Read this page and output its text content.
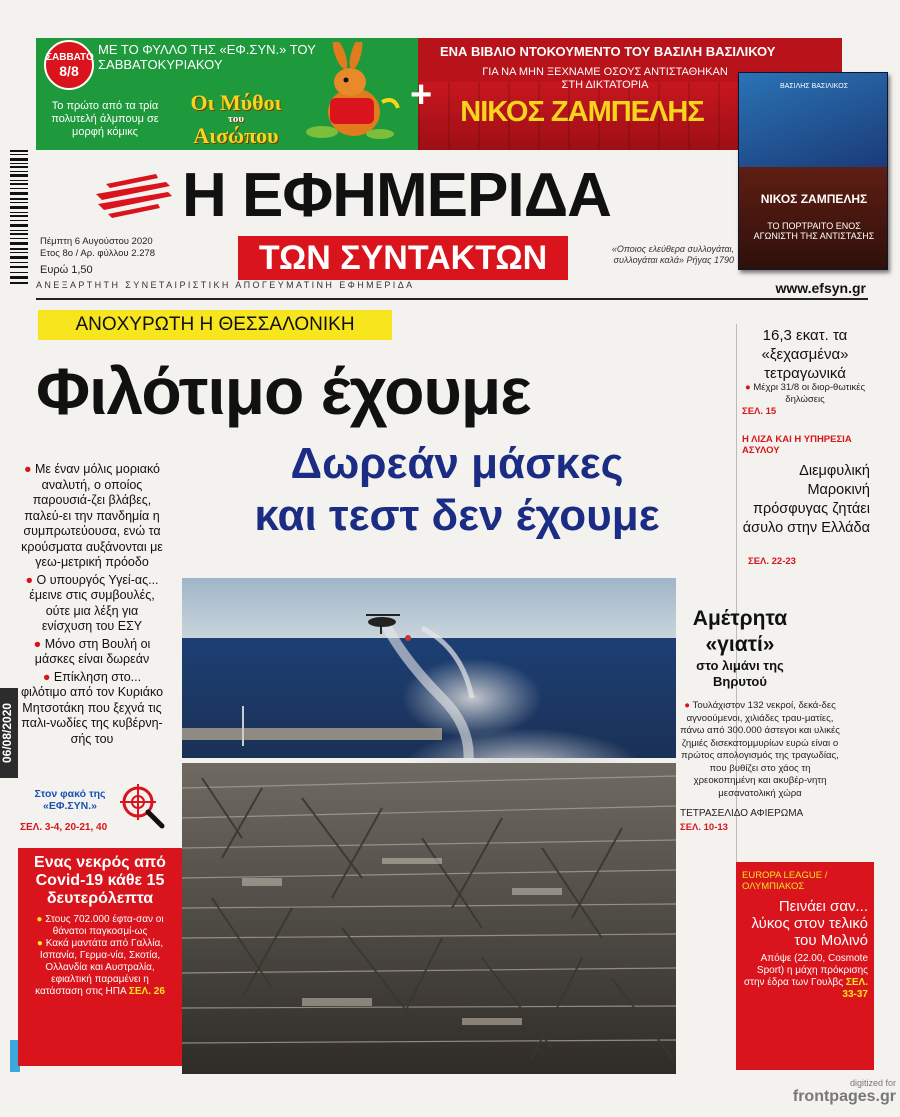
ΣΑΒΒΑΤΟ
8/8
ΜΕ ΤΟ ΦΥΛΛΟ ΤΗΣ «ΕΦ.ΣΥΝ.» ΤΟΥ ΣΑΒΒΑΤΟΚΥΡΙΑΚΟΥ
Το πρώτο από τα τρία πολυτελή άλμπουμ σε μορφή κόμικς
Οι Μύθοι
του
Αισώπου
+
ΕΝΑ ΒΙΒΛΙΟ ΝΤΟΚΟΥΜΕΝΤΟ ΤΟΥ ΒΑΣΙΛΗ ΒΑΣΙΛΙΚΟΥ
ΓΙΑ ΝΑ ΜΗΝ ΞΕΧΝΑΜΕ ΟΣΟΥΣ ΑΝΤΙΣΤΑΘΗΚΑΝ ΣΤΗ ΔΙΚΤΑΤΟΡΙΑ
ΝΙΚΟΣ ΖΑΜΠΕΛΗΣ
ΒΑΣΙΛΗΣ ΒΑΣΙΛΙΚΟΣ
ΝΙΚΟΣ ΖΑΜΠΕΛΗΣ
ΤΟ ΠΟΡΤΡΑΙΤΟ ΕΝΟΣ ΑΓΩΝΙΣΤΗ ΤΗΣ ΑΝΤΙΣΤΑΣΗΣ
Η ΕΦΗΜΕΡΙΔΑ
ΤΩΝ ΣΥΝΤΑΚΤΩΝ
Πέμπτη 6 Αυγούστου 2020
Ετος 8ο / Αρ. φύλλου 2.278
Ευρώ 1,50
«Οποιος ελεύθερα συλλογάται, συλλογάται καλά» Ρήγας 1790
ΑΝΕΞΑΡΤΗΤΗ ΣΥΝΕΤΑΙΡΙΣΤΙΚΗ ΑΠΟΓΕΥΜΑΤΙΝΗ ΕΦΗΜΕΡΙΔΑ	www.efsyn.gr
ΑΝΟΧΥΡΩΤΗ Η ΘΕΣΣΑΛΟΝΙΚΗ
Φιλότιμο έχουμε
Δωρεάν μάσκες
και τεστ δεν έχουμε
● Με έναν μόλις μοριακό αναλυτή, ο οποίος παρουσιά-ζει βλάβες, παλεύ-ει την πανδημία η συμπρωτεύουσα, ενώ τα κρούσματα αυξάνονται με γεω-μετρική πρόοδο
● Ο υπουργός Υγεί-ας... έμεινε στις συμβουλές, ούτε μια λέξη για ενίσχυση του ΕΣΥ
● Μόνο στη Βουλή οι μάσκες είναι δωρεάν
● Επίκληση στο... φιλότιμο από τον Κυριάκο Μητσοτάκη που ξεχνά τις παλι-νωδίες της κυβέρνη-σής του
Στον φακό της «ΕΦ.ΣΥΝ.»
ΣΕΛ. 3-4, 20-21, 40
06/08/2020
Ενας νεκρός από Covid-19 κάθε 15 δευτερόλεπτα
● Στους 702.000 έφτα-σαν οι θάνατοι παγκοσμί-ως
● Κακά μαντάτα από Γαλλία, Ισπανία, Γερμα-νία, Σκοτία, Ολλανδία και Αυστραλία, εφιαλτική παραμένει η κατάσταση στις ΗΠΑ ΣΕΛ. 26
16,3 εκατ. τα «ξεχασμένα» τετραγωνικά
● Μέχρι 31/8 οι διορ-θωτικές δηλώσεις
ΣΕΛ. 15
Η ΛΙΖΑ ΚΑΙ Η ΥΠΗΡΕΣΙΑ ΑΣΥΛΟΥ
Διεμφυλική Μαροκινή πρόσφυγας ζητάει άσυλο στην Ελλάδα
ΣΕΛ. 22-23
Αμέτρητα «γιατί»
στο λιμάνι της Βηρυτού
● Τουλάχιστον 132 νεκροί, δεκά-δες αγνοούμενοι, χιλιάδες τραυ-ματίες, πάνω από 300.000 άστεγοι και υλικές ζημιές δισεκατομμυρίων ευρώ είναι ο πρώτος απολογισμός της τραγωδίας, που βυθίζει στο χάος τη χρεοκοπημένη και ακυβέρ-νητη μεσανατολική χώρα
ΤΕΤΡΑΣΕΛΙΔΟ ΑΦΙΕΡΩΜΑ
ΣΕΛ. 10-13
EUROPA LEAGUE / ΟΛΥΜΠΙΑΚΟΣ
Πεινάει σαν... λύκος στον τελικό του Μολινό
Απόψε (22.00, Cosmote Sport) η μάχη πρόκρισης στην έδρα των Γουλβς ΣΕΛ. 33-37
digitized for
frontpages.gr
